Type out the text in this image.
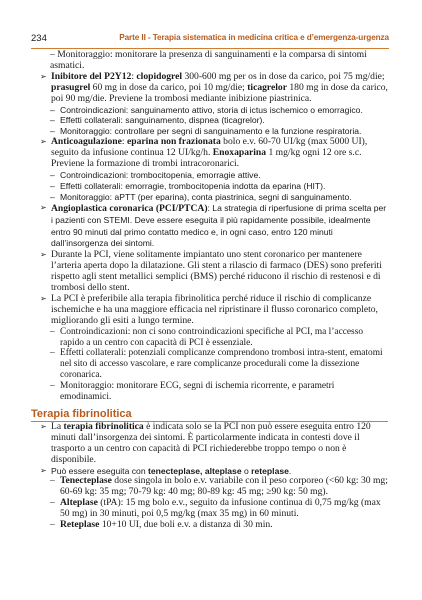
234	Parte II - Terapia sistematica in medicina critica e d’emergenza-urgenza
– Monitoraggio: monitorare la presenza di sanguinamenti e la comparsa di sintomi asmatici.
➢ Inibitore del P2Y12: clopidogrel 300-600 mg per os in dose da carico, poi 75 mg/die; prasugrel 60 mg in dose da carico, poi 10 mg/die; ticagrelor 180 mg in dose da carico, poi 90 mg/die. Previene la trombosi mediante inibizione piastrinica.
– Controindicazioni: sanguinamento attivo, storia di ictus ischemico o emorragico.
– Effetti collaterali: sanguinamento, dispnea (ticagrelor).
– Monitoraggio: controllare per segni di sanguinamento e la funzione respiratoria.
➢ Anticoagulazione: eparina non frazionata bolo e.v. 60-70 UI/kg (max 5000 UI), seguito da infusione continua 12 UI/kg/h. Enoxaparina 1 mg/kg ogni 12 ore s.c. Previene la formazione di trombi intracoronarici.
– Controindicazioni: trombocitopenia, emorragie attive.
– Effetti collaterali: emorragie, trombocitopenia indotta da eparina (HIT).
– Monitoraggio: aPTT (per eparina), conta piastrinica, segni di sanguinamento.
➢ Angioplastica coronarica (PCI/PTCA): La strategia di riperfusione di prima scelta per i pazienti con STEMI. Deve essere eseguita il più rapidamente possibile, idealmente entro 90 minuti dal primo contatto medico e, in ogni caso, entro 120 minuti dall’insorgenza dei sintomi.
➢ Durante la PCI, viene solitamente impiantato uno stent coronarico per mantenere l’arteria aperta dopo la dilatazione. Gli stent a rilascio di farmaco (DES) sono preferiti rispetto agli stent metallici semplici (BMS) perché riducono il rischio di restenosi e di trombosi dello stent.
➢ La PCI è preferibile alla terapia fibrinolitica perché riduce il rischio di complicanze ischemiche e ha una maggiore efficacia nel ripristinare il flusso coronarico completo, migliorando gli esiti a lungo termine.
– Controindicazioni: non ci sono controindicazioni specifiche al PCI, ma l’accesso rapido a un centro con capacità di PCI è essenziale.
– Effetti collaterali: potenziali complicanze comprendono trombosi intra-stent, ematomi nel sito di accesso vascolare, e rare complicanze procedurali come la dissezione coronarica.
– Monitoraggio: monitorare ECG, segni di ischemia ricorrente, e parametri emodinamici.
Terapia fibrinolitica
➢ La terapia fibrinolitica è indicata solo se la PCI non può essere eseguita entro 120 minuti dall’insorgenza dei sintomi. È particolarmente indicata in contesti dove il trasporto a un centro con capacità di PCI richiederebbe troppo tempo o non è disponibile.
➢ Può essere eseguita con tenecteplase, alteplase o reteplase.
– Tenecteplase dose singola in bolo e.v. variabile con il peso corporeo (<60 kg: 30 mg; 60-69 kg: 35 mg; 70-79 kg: 40 mg; 80-89 kg: 45 mg; ≥90 kg: 50 mg).
– Alteplase (tPA): 15 mg bolo e.v., seguito da infusione continua di 0,75 mg/kg (max 50 mg) in 30 minuti, poi 0,5 mg/kg (max 35 mg) in 60 minuti.
– Reteplase 10+10 UI, due boli e.v. a distanza di 30 min.
